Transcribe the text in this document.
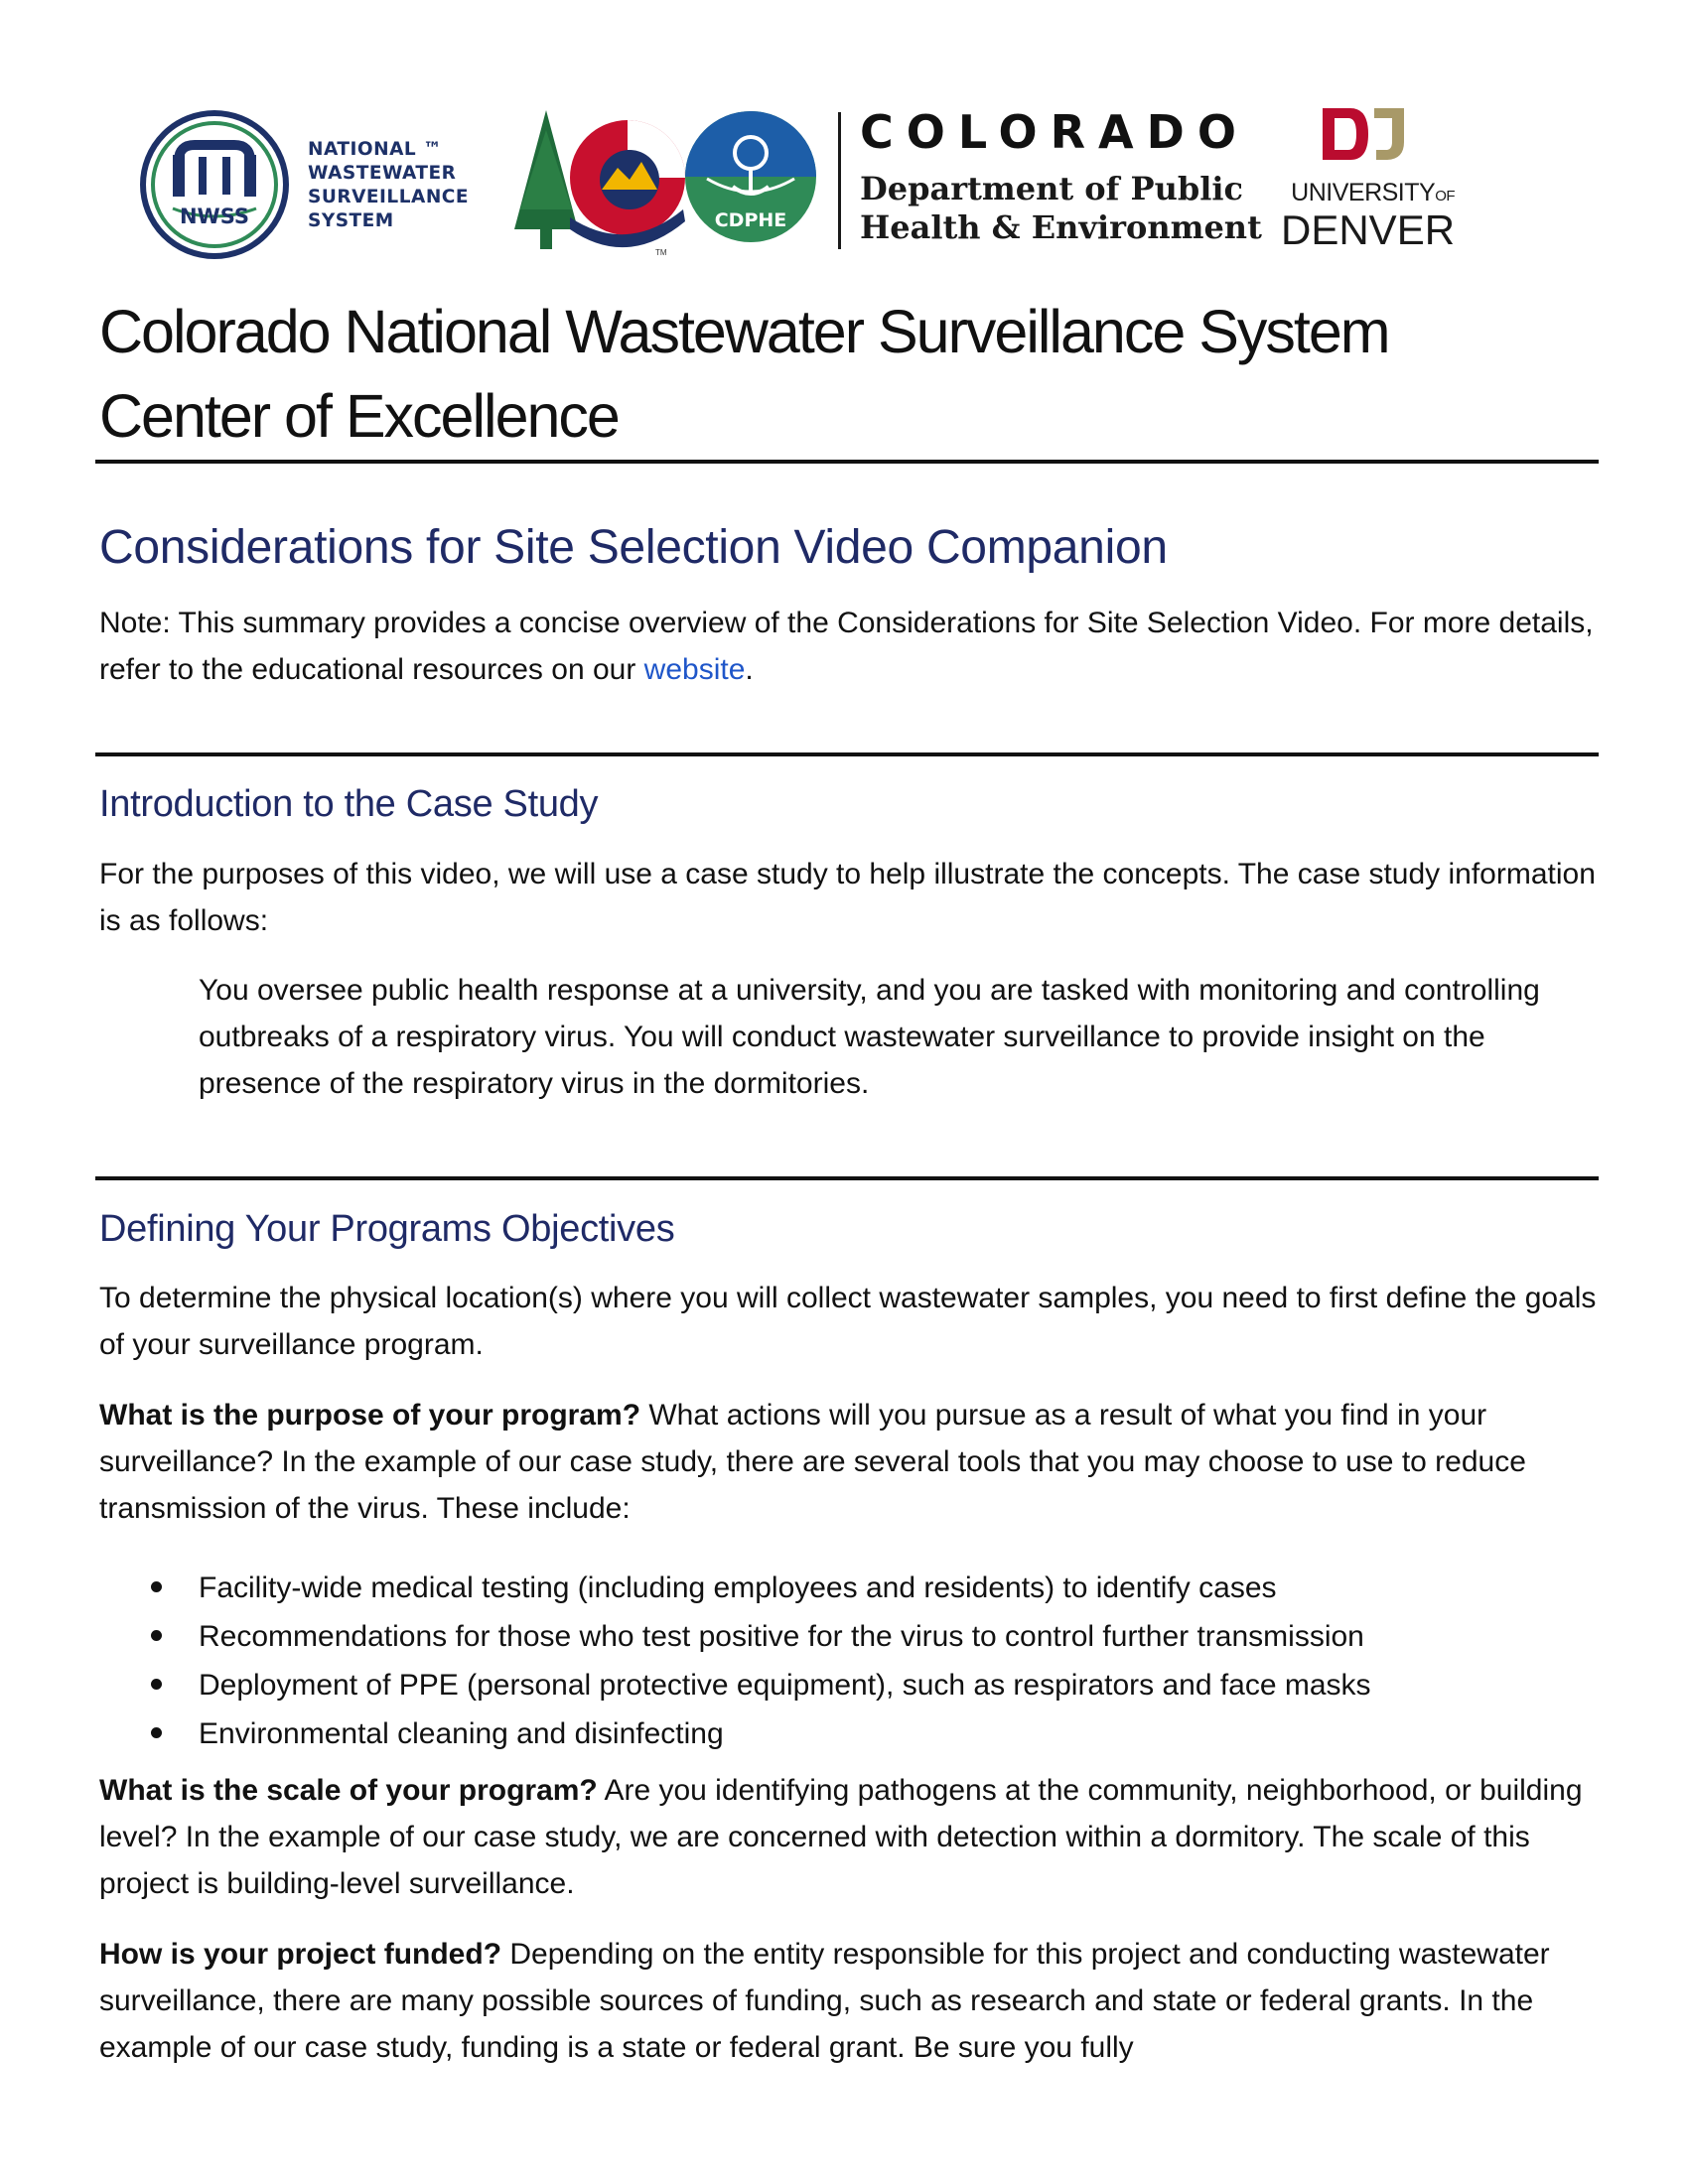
NWSS
NATIONAL ™
WASTEWATER
SURVEILLANCE
SYSTEM
TM
CDPHE
COLORADO
Department of Public
Health & Environment
UNIVERSITYOF
DENVER
Colorado National Wastewater Surveillance System
Center of Excellence
Considerations for Site Selection Video Companion
Note: This summary provides a concise overview of the Considerations for Site Selection Video. For more details, refer to the educational resources on our website.
Introduction to the Case Study
For the purposes of this video, we will use a case study to help illustrate the concepts. The case study information is as follows:
You oversee public health response at a university, and you are tasked with monitoring and controlling outbreaks of a respiratory virus. You will conduct wastewater surveillance to provide insight on the presence of the respiratory virus in the dormitories.
Defining Your Programs Objectives
To determine the physical location(s) where you will collect wastewater samples, you need to first define the goals of your surveillance program.
What is the purpose of your program? What actions will you pursue as a result of what you find in your surveillance? In the example of our case study, there are several tools that you may choose to use to reduce transmission of the virus. These include:
Facility-wide medical testing (including employees and residents) to identify cases
Recommendations for those who test positive for the virus to control further transmission
Deployment of PPE (personal protective equipment), such as respirators and face masks
Environmental cleaning and disinfecting
What is the scale of your program? Are you identifying pathogens at the community, neighborhood, or building level? In the example of our case study, we are concerned with detection within a dormitory. The scale of this project is building-level surveillance.
How is your project funded? Depending on the entity responsible for this project and conducting wastewater surveillance, there are many possible sources of funding, such as research and state or federal grants. In the example of our case study, funding is a state or federal grant. Be sure you fully
